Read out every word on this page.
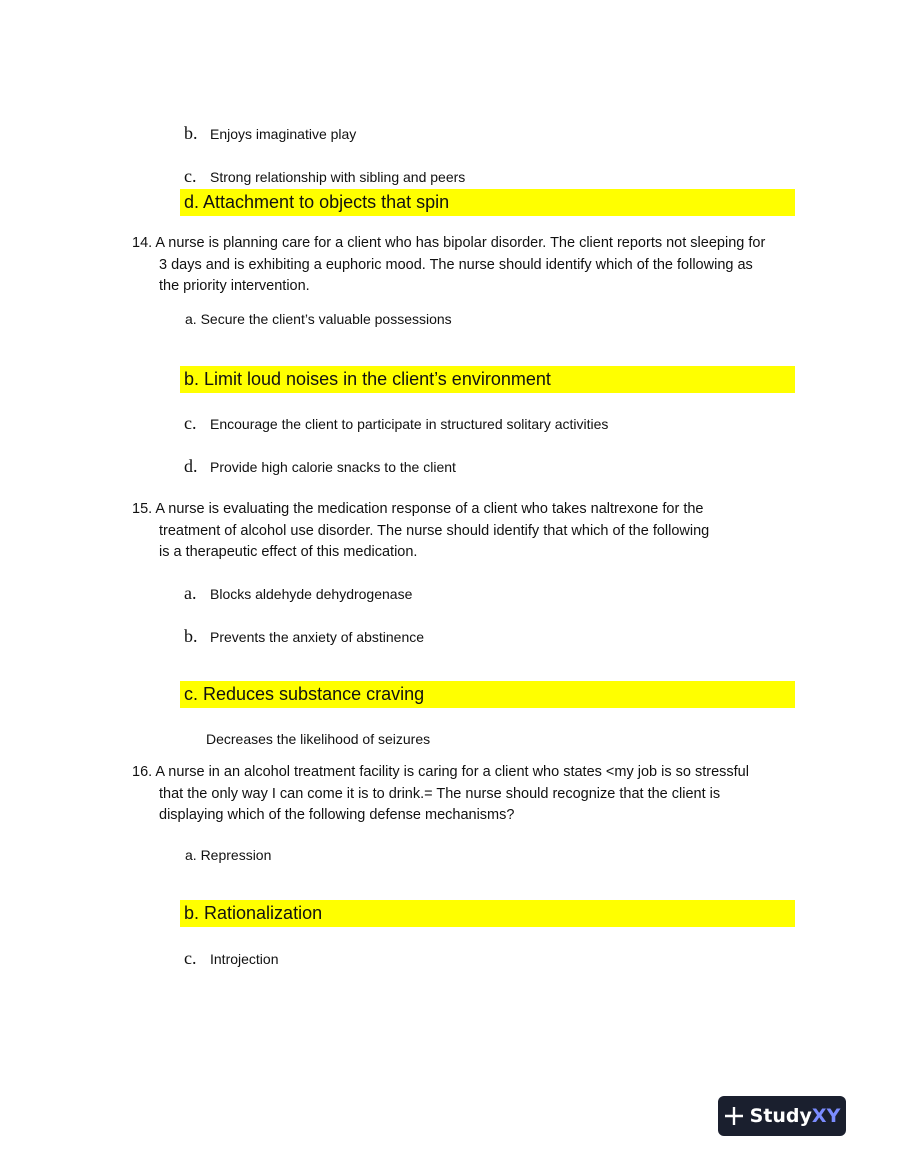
b. Enjoys imaginative play
c. Strong relationship with sibling and peers
d. Attachment to objects that spin
14. A nurse is planning care for a client who has bipolar disorder. The client reports not sleeping for
3 days and is exhibiting a euphoric mood. The nurse should identify which of the following as
the priority intervention.
a. Secure the client’s valuable possessions
b. Limit loud noises in the client’s environment
c. Encourage the client to participate in structured solitary activities
d. Provide high calorie snacks to the client
15. A nurse is evaluating the medication response of a client who takes naltrexone for the
treatment of alcohol use disorder. The nurse should identify that which of the following
is a therapeutic effect of this medication.
a. Blocks aldehyde dehydrogenase
b. Prevents the anxiety of abstinence
c. Reduces substance craving
Decreases the likelihood of seizures
16. A nurse in an alcohol treatment facility is caring for a client who states <my job is so stressful
that the only way I can come it is to drink.= The nurse should recognize that the client is
displaying which of the following defense mechanisms?
a. Repression
b. Rationalization
c. Introjection
StudyXY
